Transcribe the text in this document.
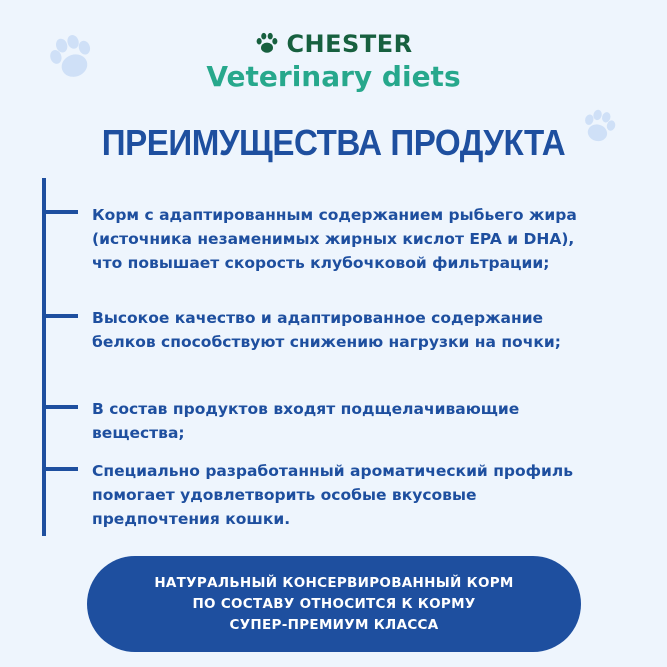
CHESTER
Veterinary diets
ПРЕИМУЩЕСТВА ПРОДУКТА
Корм с адаптированным содержанием рыбьего жира
(источника незаменимых жирных кислот EPA и DHA),
что повышает скорость клубочковой фильтрации;
Высокое качество и адаптированное содержание
белков способствуют снижению нагрузки на почки;
В состав продуктов входят подщелачивающие
вещества;
Специально разработанный ароматический профиль
помогает удовлетворить особые вкусовые
предпочтения кошки.
НАТУРАЛЬНЫЙ КОНСЕРВИРОВАННЫЙ КОРМ
ПО СОСТАВУ ОТНОСИТСЯ К КОРМУ
СУПЕР-ПРЕМИУМ КЛАССА
